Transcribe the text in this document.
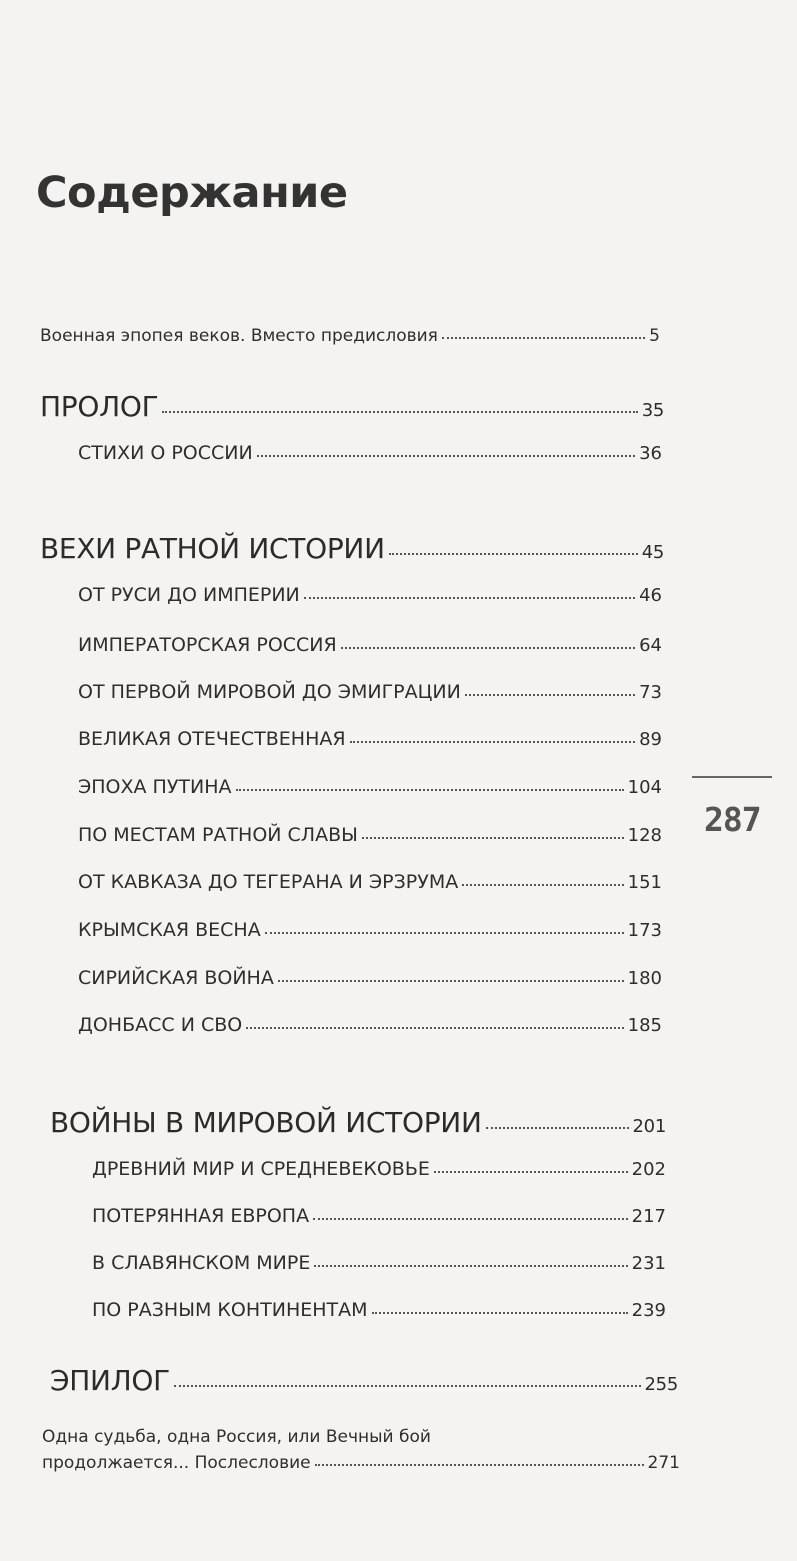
Содержание
Военная эпопея веков. Вместо предисловия	5
ПРОЛОГ	35
СТИХИ О РОССИИ	36
ВЕХИ РАТНОЙ ИСТОРИИ	45
ОТ РУСИ ДО ИМПЕРИИ	46
ИМПЕРАТОРСКАЯ РОССИЯ	64
ОТ ПЕРВОЙ МИРОВОЙ ДО ЭМИГРАЦИИ	73
ВЕЛИКАЯ ОТЕЧЕСТВЕННАЯ	89
ЭПОХА ПУТИНА	104
ПО МЕСТАМ РАТНОЙ СЛАВЫ	128
ОТ КАВКАЗА ДО ТЕГЕРАНА И ЭРЗРУМА	151
КРЫМСКАЯ ВЕСНА	173
СИРИЙСКАЯ ВОЙНА	180
ДОНБАСС И СВО	185
ВОЙНЫ В МИРОВОЙ ИСТОРИИ	201
ДРЕВНИЙ МИР И СРЕДНЕВЕКОВЬЕ	202
ПОТЕРЯННАЯ ЕВРОПА	217
В СЛАВЯНСКОМ МИРЕ	231
ПО РАЗНЫМ КОНТИНЕНТАМ	239
ЭПИЛОГ	255
Одна судьба, одна Россия, или Вечный бой
продолжается... Послесловие	271
287
